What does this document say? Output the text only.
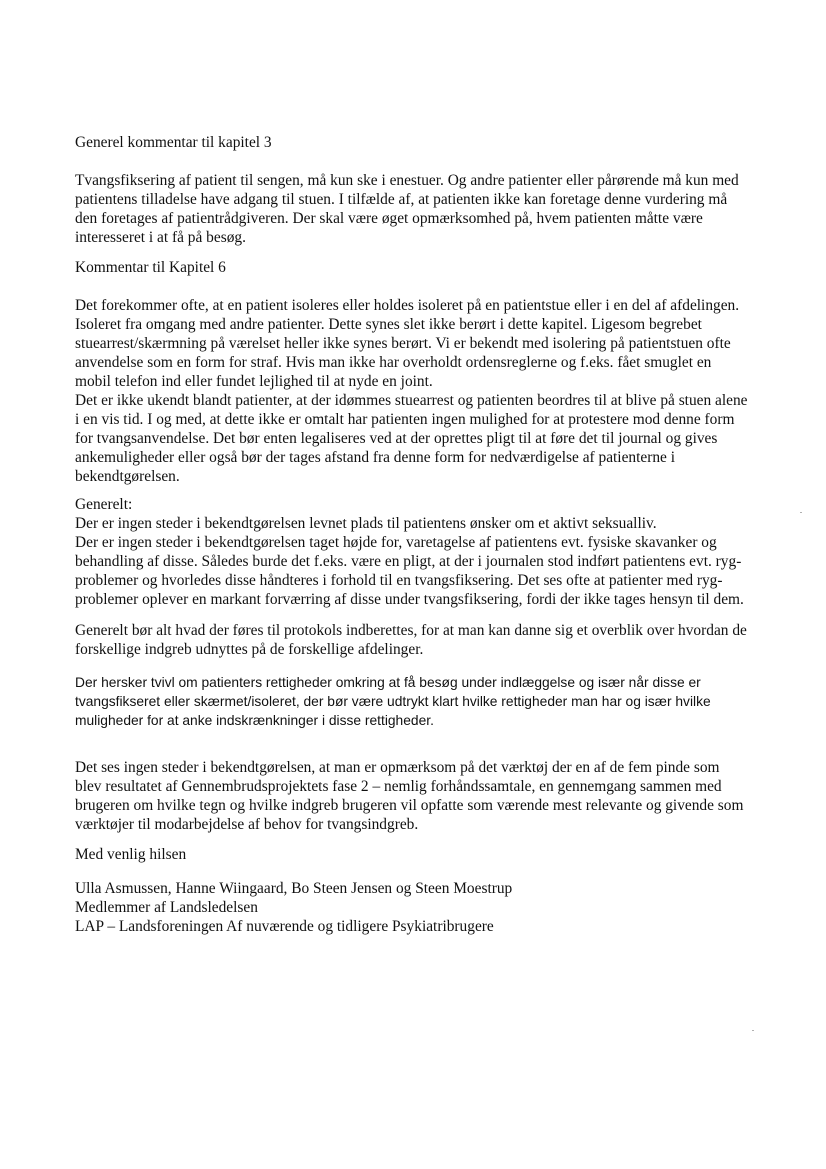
Generel kommentar til kapitel 3

Tvangsfiksering af patient til sengen, må kun ske i enestuer. Og andre patienter eller pårørende må kun med
patientens tilladelse have adgang til stuen. I tilfælde af, at patienten ikke kan foretage denne vurdering må
den foretages af patientrådgiveren. Der skal være øget opmærksomhed på, hvem patienten måtte være
interesseret i at få på besøg.

Kommentar til Kapitel 6

Det forekommer ofte, at en patient isoleres eller holdes isoleret på en patientstue eller i en del af afdelingen.
Isoleret fra omgang med andre patienter. Dette synes slet ikke berørt i dette kapitel. Ligesom begrebet
stuearrest/skærmning på værelset heller ikke synes berørt. Vi er bekendt med isolering på patientstuen ofte
anvendelse som en form for straf. Hvis man ikke har overholdt ordensreglerne og f.eks. fået smuglet en
mobil telefon ind eller fundet lejlighed til at nyde en joint.
Det er ikke ukendt blandt patienter, at der idømmes stuearrest og patienten beordres til at blive på stuen alene
i en vis tid. I og med, at dette ikke er omtalt har patienten ingen mulighed for at protestere mod denne form
for tvangsanvendelse. Det bør enten legaliseres ved at der oprettes pligt til at føre det til journal og gives
ankemuligheder eller også bør der tages afstand fra denne form for nedværdigelse af patienterne i
bekendtgørelsen.

Generelt:
Der er ingen steder i bekendtgørelsen levnet plads til patientens ønsker om et aktivt seksualliv.
Der er ingen steder i bekendtgørelsen taget højde for, varetagelse af patientens evt. fysiske skavanker og
behandling af disse. Således burde det f.eks. være en pligt, at der i journalen stod indført patientens evt. ryg-
problemer og hvorledes disse håndteres i forhold til en tvangsfiksering. Det ses ofte at patienter med ryg-
problemer oplever en markant forværring af disse under tvangsfiksering, fordi der ikke tages hensyn til dem.

Generelt bør alt hvad der føres til protokols indberettes, for at man kan danne sig et overblik over hvordan de
forskellige indgreb udnyttes på de forskellige afdelinger.

Der hersker tvivl om patienters rettigheder omkring at få besøg under indlæggelse og især når disse er
tvangsfikseret eller skærmet/isoleret, der bør være udtrykt klart hvilke rettigheder man har og især hvilke
muligheder for at anke indskrænkninger i disse rettigheder.

Det ses ingen steder i bekendtgørelsen, at man er opmærksom på det værktøj der en af de fem pinde som
blev resultatet af Gennembrudsprojektets fase 2 – nemlig forhåndssamtale, en gennemgang sammen med
brugeren om hvilke tegn og hvilke indgreb brugeren vil opfatte som værende mest relevante og givende som
værktøjer til modarbejdelse af behov for tvangsindgreb.

Med venlig hilsen

Ulla Asmussen, Hanne Wiingaard, Bo Steen Jensen og Steen Moestrup
Medlemmer af Landsledelsen
LAP – Landsforeningen Af nuværende og tidligere Psykiatribrugere
